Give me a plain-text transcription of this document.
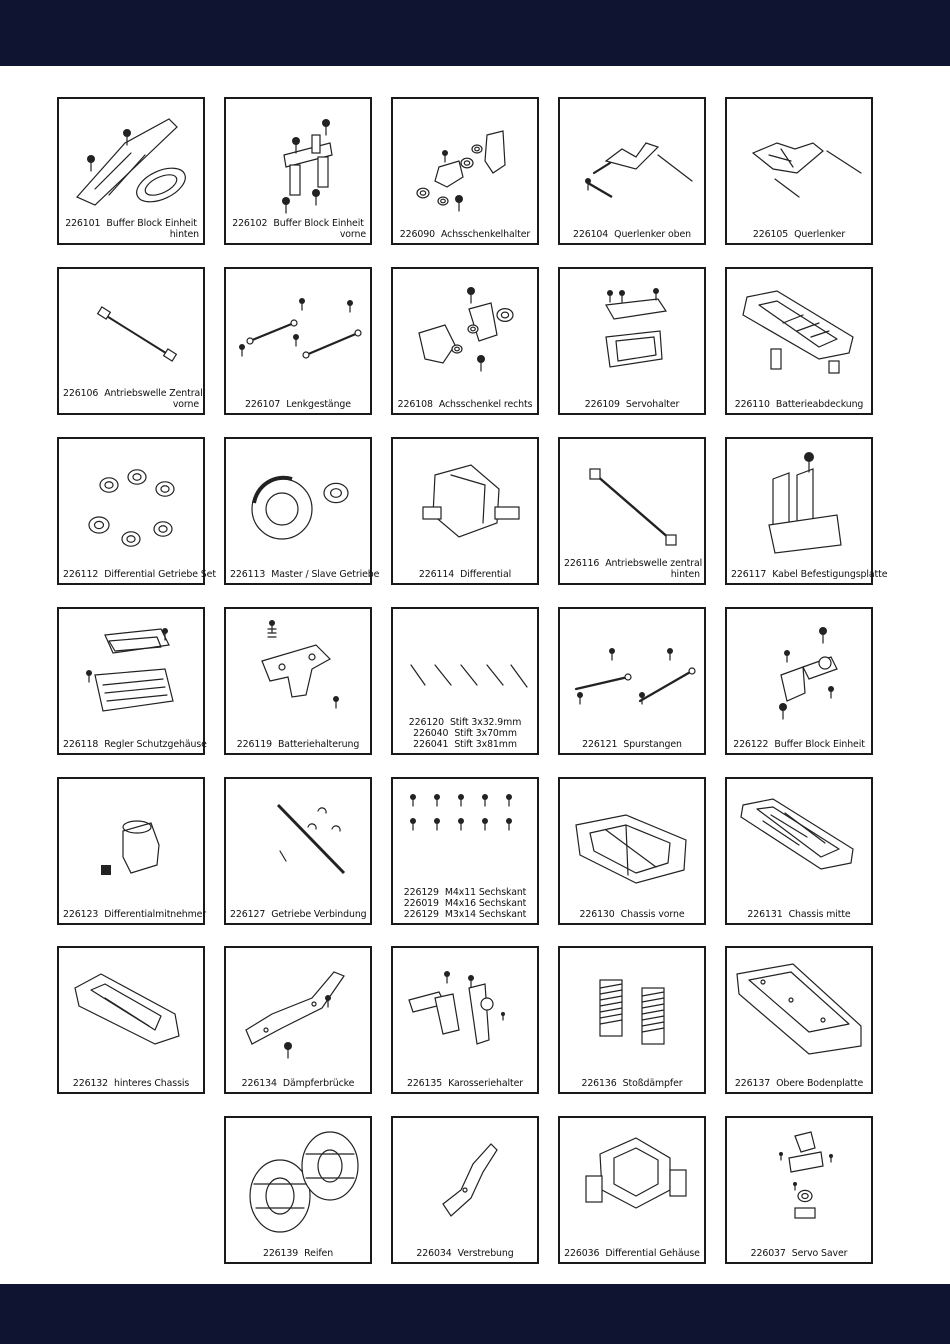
226101 Buffer Block Einheit
hinten
226102 Buffer Block Einheit
vorne	226090 Achsschenkelhalter	226104 Querlenker oben	226105 Querlenker
226106 Antriebswelle Zentral
vorne	226107 Lenkgestänge	226108 Achsschenkel rechts	226109 Servohalter	226110 Batterieabdeckung
226112 Differential Getriebe Set 226113 Master / Slave Getriebe	226114 Differential
226116 Antriebswelle zentral
hinten	226117 Kabel Befestigungsplatte
226118 Regler Schutzgehäuse	226119 Batteriehalterung
226120 Stift 3x32.9mm
226040 Stift 3x70mm
226041 Stift 3x81mm	226121 Spurstangen	226122 Buffer Block Einheit
226123 Differentialmitnehmer	226127 Getriebe Verbindung
226129 M4x11 Sechskant
226019 M4x16 Sechskant
226129 M3x14 Sechskant	226130 Chassis vorne	226131 Chassis mitte
226132 hinteres Chassis	226134 Dämpferbrücke	226135 Karosseriehalter	226136 Stoßdämpfer	226137 Obere Bodenplatte
226139 Reifen	226034 Verstrebung	226036 Differential Gehäuse	226037 Servo Saver
